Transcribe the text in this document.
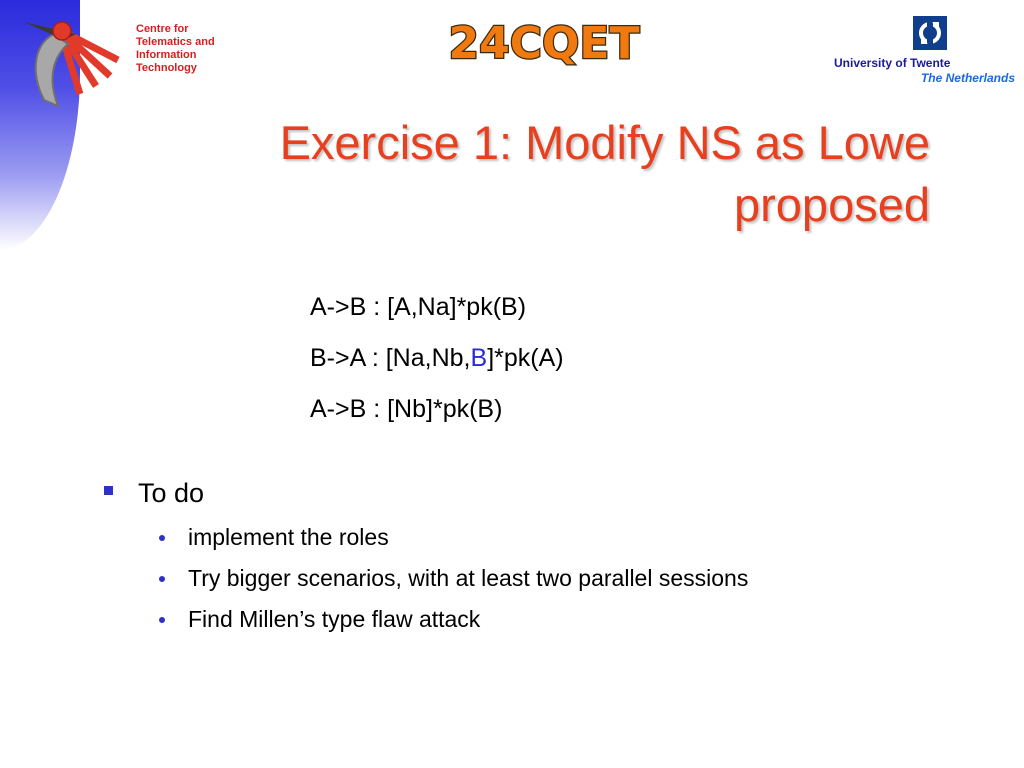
Centre for
Telematics and
Information
Technology	24CQET	University of Twente
The Netherlands
Exercise 1: Modify NS as Lowe
proposed
A->B : [A,Na]*pk(B)
B->A : [Na,Nb,B]*pk(A)
A->B : [Nb]*pk(B)
To do
implement the roles
Try bigger scenarios, with at least two parallel sessions
Find Millen’s type flaw attack
